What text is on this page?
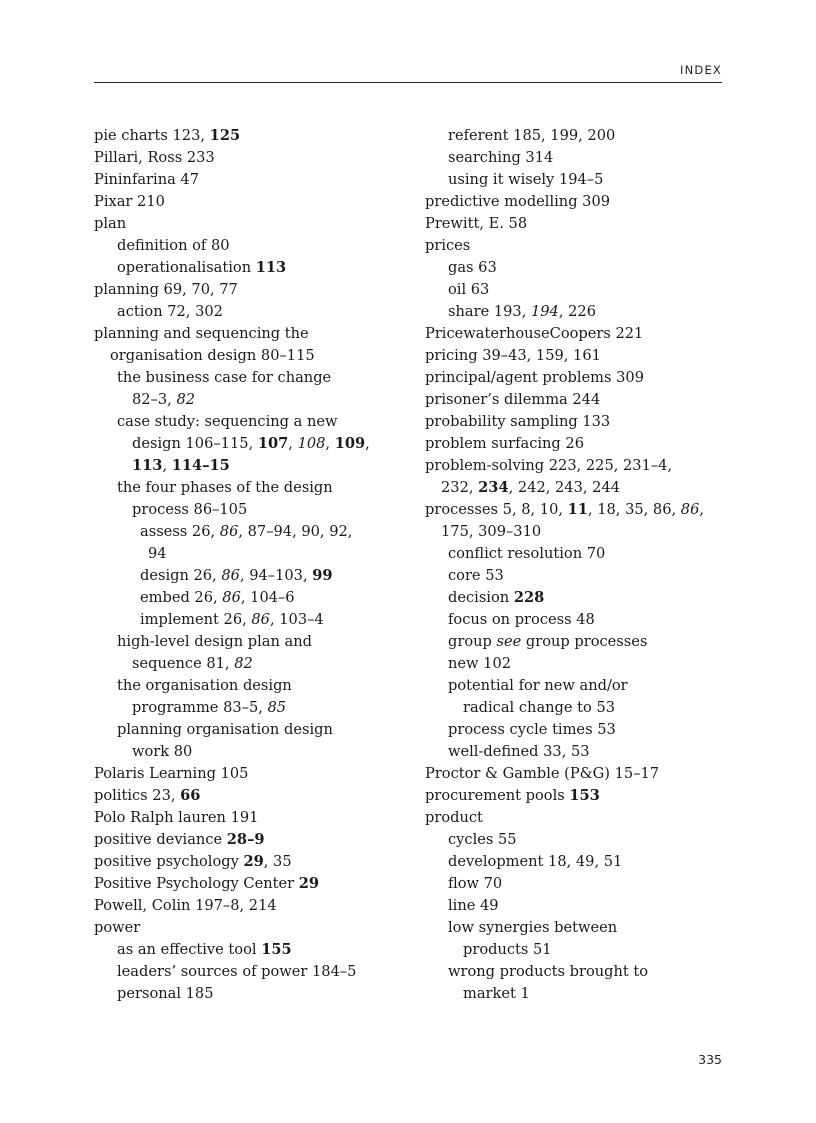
INDEX
pie charts 123, 125
Pillari, Ross 233
Pininfarina 47
Pixar 210
plan
definition of 80
operationalisation 113
planning 69, 70, 77
action 72, 302
planning and sequencing the
organisation design 80–115
the business case for change
82–3, 82
case study: sequencing a new
design 106–115, 107, 108, 109,
113, 114–15
the four phases of the design
process 86–105
assess 26, 86, 87–94, 90, 92,
94
design 26, 86, 94–103, 99
embed 26, 86, 104–6
implement 26, 86, 103–4
high-level design plan and
sequence 81, 82
the organisation design
programme 83–5, 85
planning organisation design
work 80
Polaris Learning 105
politics 23, 66
Polo Ralph lauren 191
positive deviance 28–9
positive psychology 29, 35
Positive Psychology Center 29
Powell, Colin 197–8, 214
power
as an effective tool 155
leaders’ sources of power 184–5
personal 185
referent 185, 199, 200
searching 314
using it wisely 194–5
predictive modelling 309
Prewitt, E. 58
prices
gas 63
oil 63
share 193, 194, 226
PricewaterhouseCoopers 221
pricing 39–43, 159, 161
principal/agent problems 309
prisoner’s dilemma 244
probability sampling 133
problem surfacing 26
problem-solving 223, 225, 231–4,
232, 234, 242, 243, 244
processes 5, 8, 10, 11, 18, 35, 86, 86,
175, 309–310
conflict resolution 70
core 53
decision 228
focus on process 48
group see group processes
new 102
potential for new and/or
radical change to 53
process cycle times 53
well-defined 33, 53
Proctor & Gamble (P&G) 15–17
procurement pools 153
product
cycles 55
development 18, 49, 51
flow 70
line 49
low synergies between
products 51
wrong products brought to
market 1
335
